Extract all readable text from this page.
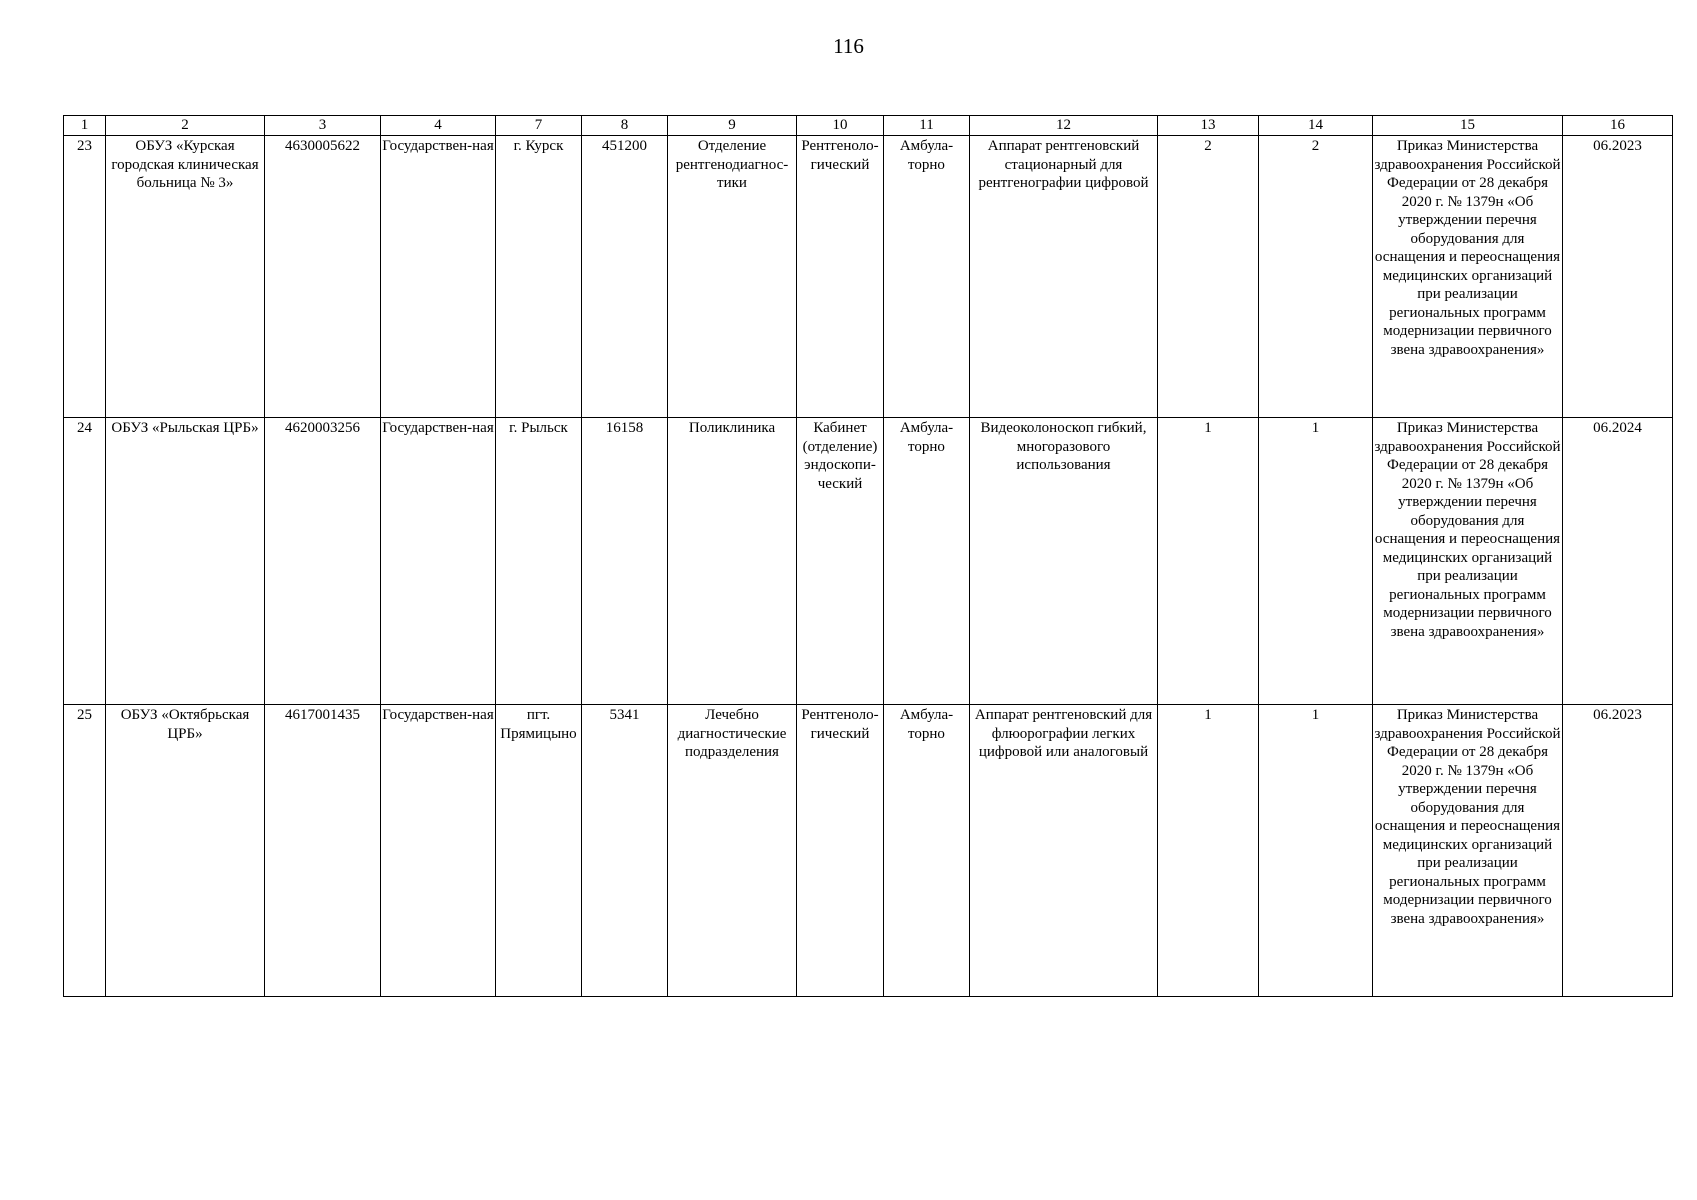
116
1	2	3	4	7	8	9	10	11	12	13	14	15	16
23	ОБУЗ «Курская городская клиническая больница № 3»	4630005622	Государствен-ная	г. Курск	451200	Отделение рентгенодиагнос-тики	Рентгеноло-гический	Амбула-торно	Аппарат рентгеновский стационарный для рентгенографии цифровой	2	2	Приказ Министерства здравоохранения Российской Федерации от 28 декабря 2020 г. № 1379н «Об утверждении перечня оборудования для оснащения и переоснащения медицинских организаций при реализации региональных программ модернизации первичного звена здравоохранения»	06.2023
24	ОБУЗ «Рыльская ЦРБ»	4620003256	Государствен-ная	г. Рыльск	16158	Поликлиника	Кабинет (отделение) эндоскопи-ческий	Амбула-торно	Видеоколоноскоп гибкий, многоразового использования	1	1	Приказ Министерства здравоохранения Российской Федерации от 28 декабря 2020 г. № 1379н «Об утверждении перечня оборудования для оснащения и переоснащения медицинских организаций при реализации региональных программ модернизации первичного звена здравоохранения»	06.2024
25	ОБУЗ «Октябрьская ЦРБ»	4617001435	Государствен-ная	пгт. Прямицыно	5341	Лечебно диагностические подразделения	Рентгеноло-гический	Амбула-торно	Аппарат рентгеновский для флюорографии легких цифровой или аналоговый	1	1	Приказ Министерства здравоохранения Российской Федерации от 28 декабря 2020 г. № 1379н «Об утверждении перечня оборудования для оснащения и переоснащения медицинских организаций при реализации региональных программ модернизации первичного звена здравоохранения»	06.2023
